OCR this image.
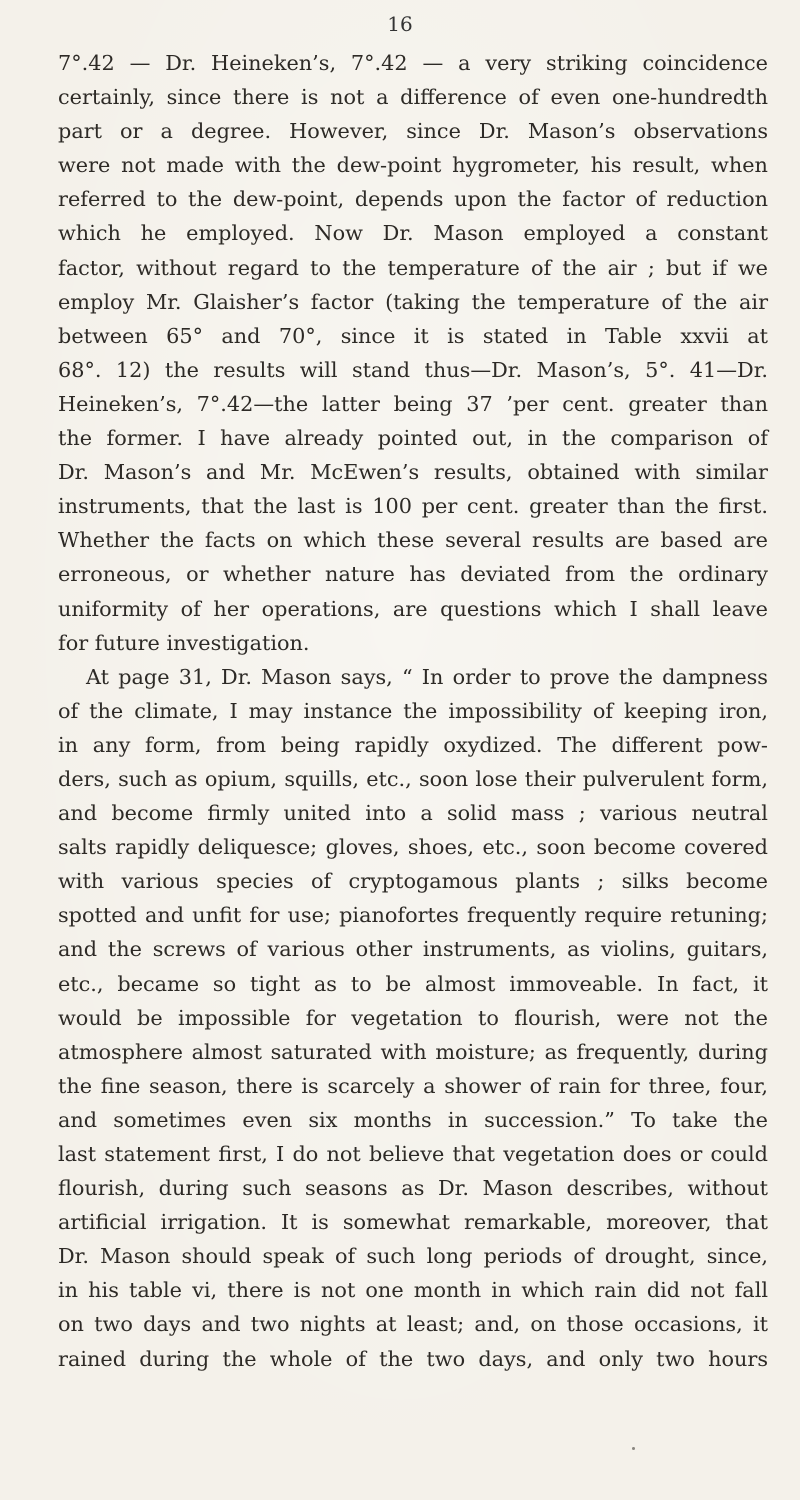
16
7°.42 — Dr. Heineken’s, 7°.42 — a very striking coincidence
certainly, since there is not a difference of even one-hundredth
part or a degree. However, since Dr. Mason’s observations
were not made with the dew-point hygrometer, his result, when
referred to the dew-point, depends upon the factor of reduction
which he employed. Now Dr. Mason employed a constant
factor, without regard to the temperature of the air ; but if we
employ Mr. Glaisher’s factor (taking the temperature of the air
between 65° and 70°, since it is stated in Table xxvii at
68°. 12) the results will stand thus—Dr. Mason’s, 5°. 41—Dr.
Heineken’s, 7°.42—the latter being 37 ’per cent. greater than
the former. I have already pointed out, in the comparison of
Dr. Mason’s and Mr. McEwen’s results, obtained with similar
instruments, that the last is 100 per cent. greater than the first.
Whether the facts on which these several results are based are
erroneous, or whether nature has deviated from the ordinary
uniformity of her operations, are questions which I shall leave
for future investigation.
At page 31, Dr. Mason says, “ In order to prove the dampness
of the climate, I may instance the impossibility of keeping iron,
in any form, from being rapidly oxydized. The different pow-
ders, such as opium, squills, etc., soon lose their pulverulent form,
and become firmly united into a solid mass ; various neutral
salts rapidly deliquesce; gloves, shoes, etc., soon become covered
with various species of cryptogamous plants ; silks become
spotted and unfit for use; pianofortes frequently require retuning;
and the screws of various other instruments, as violins, guitars,
etc., became so tight as to be almost immoveable. In fact, it
would be impossible for vegetation to flourish, were not the
atmosphere almost saturated with moisture; as frequently, during
the fine season, there is scarcely a shower of rain for three, four,
and sometimes even six months in succession.” To take the
last statement first, I do not believe that vegetation does or could
flourish, during such seasons as Dr. Mason describes, without
artificial irrigation. It is somewhat remarkable, moreover, that
Dr. Mason should speak of such long periods of drought, since,
in his table vi, there is not one month in which rain did not fall
on two days and two nights at least; and, on those occasions, it
rained during the whole of the two days, and only two hours
